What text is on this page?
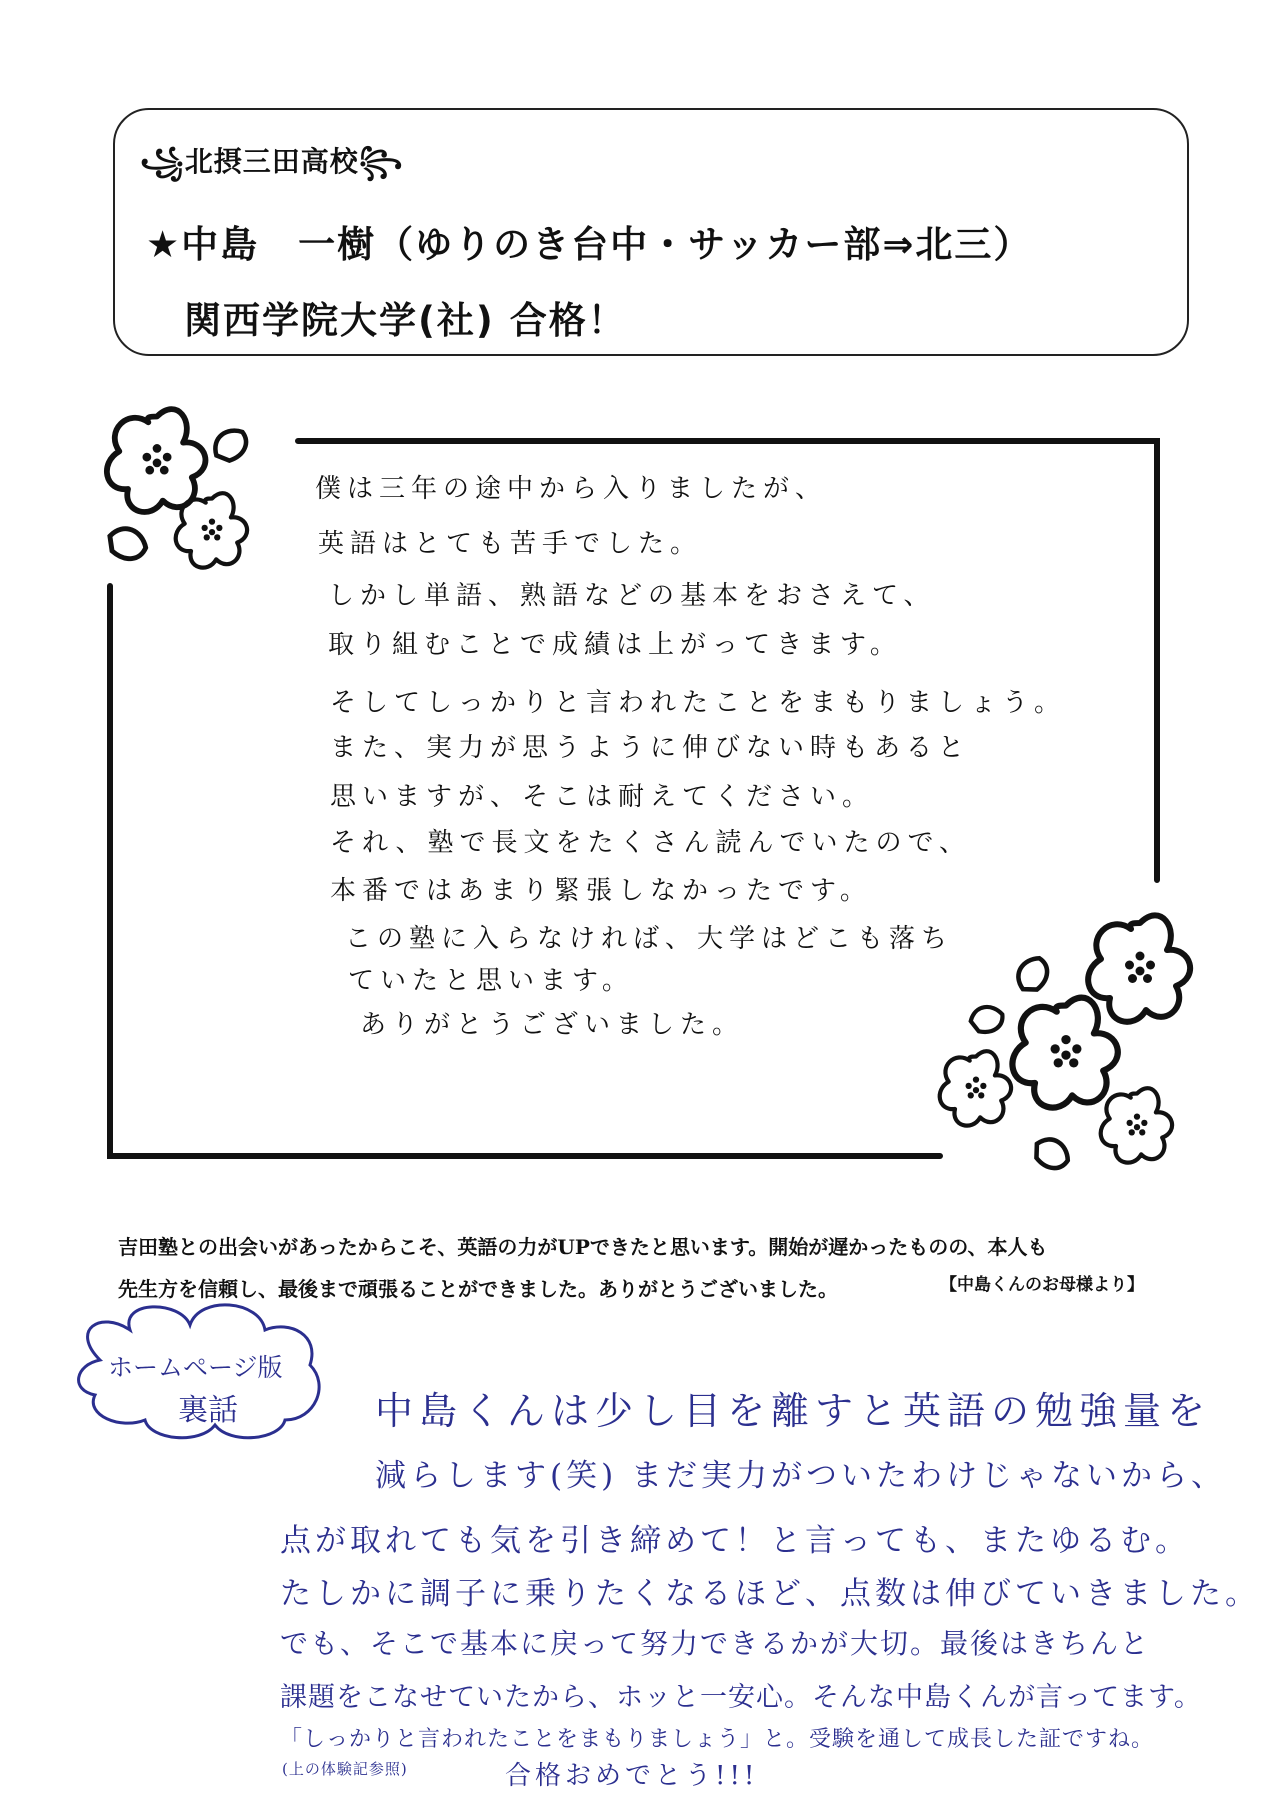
꧁北摂三田高校꧂
★中島　一樹（ゆりのき台中・サッカー部⇒北三）
関西学院大学(社) 合格！
僕は三年の途中から入りましたが、
英語はとても苦手でした。
しかし単語、熟語などの基本をおさえて、
取り組むことで成績は上がってきます。
そしてしっかりと言われたことをまもりましょう。
また、実力が思うように伸びない時もあると
思いますが、そこは耐えてください。
それ、塾で長文をたくさん読んでいたので、
本番ではあまり緊張しなかったです。
この塾に入らなければ、大学はどこも落ち
ていたと思います。
ありがとうございました。
吉田塾との出会いがあったからこそ、英語の力がUPできたと思います。開始が遅かったものの、本人も
先生方を信頼し、最後まで頑張ることができました。ありがとうございました。	【中島くんのお母様より】
ホームページ版
裏話	中島くんは少し目を離すと英語の勉強量を
減らします(笑) まだ実力がついたわけじゃないから、
点が取れても気を引き締めて！と言っても、またゆるむ。
たしかに調子に乗りたくなるほど、点数は伸びていきました。
でも、そこで基本に戻って努力できるかが大切。最後はきちんと
課題をこなせていたから、ホッと一安心。そんな中島くんが言ってます。
「しっかりと言われたことをまもりましょう」と。受験を通して成長した証ですね。
(上の体験記参照)	合格おめでとう!!!
